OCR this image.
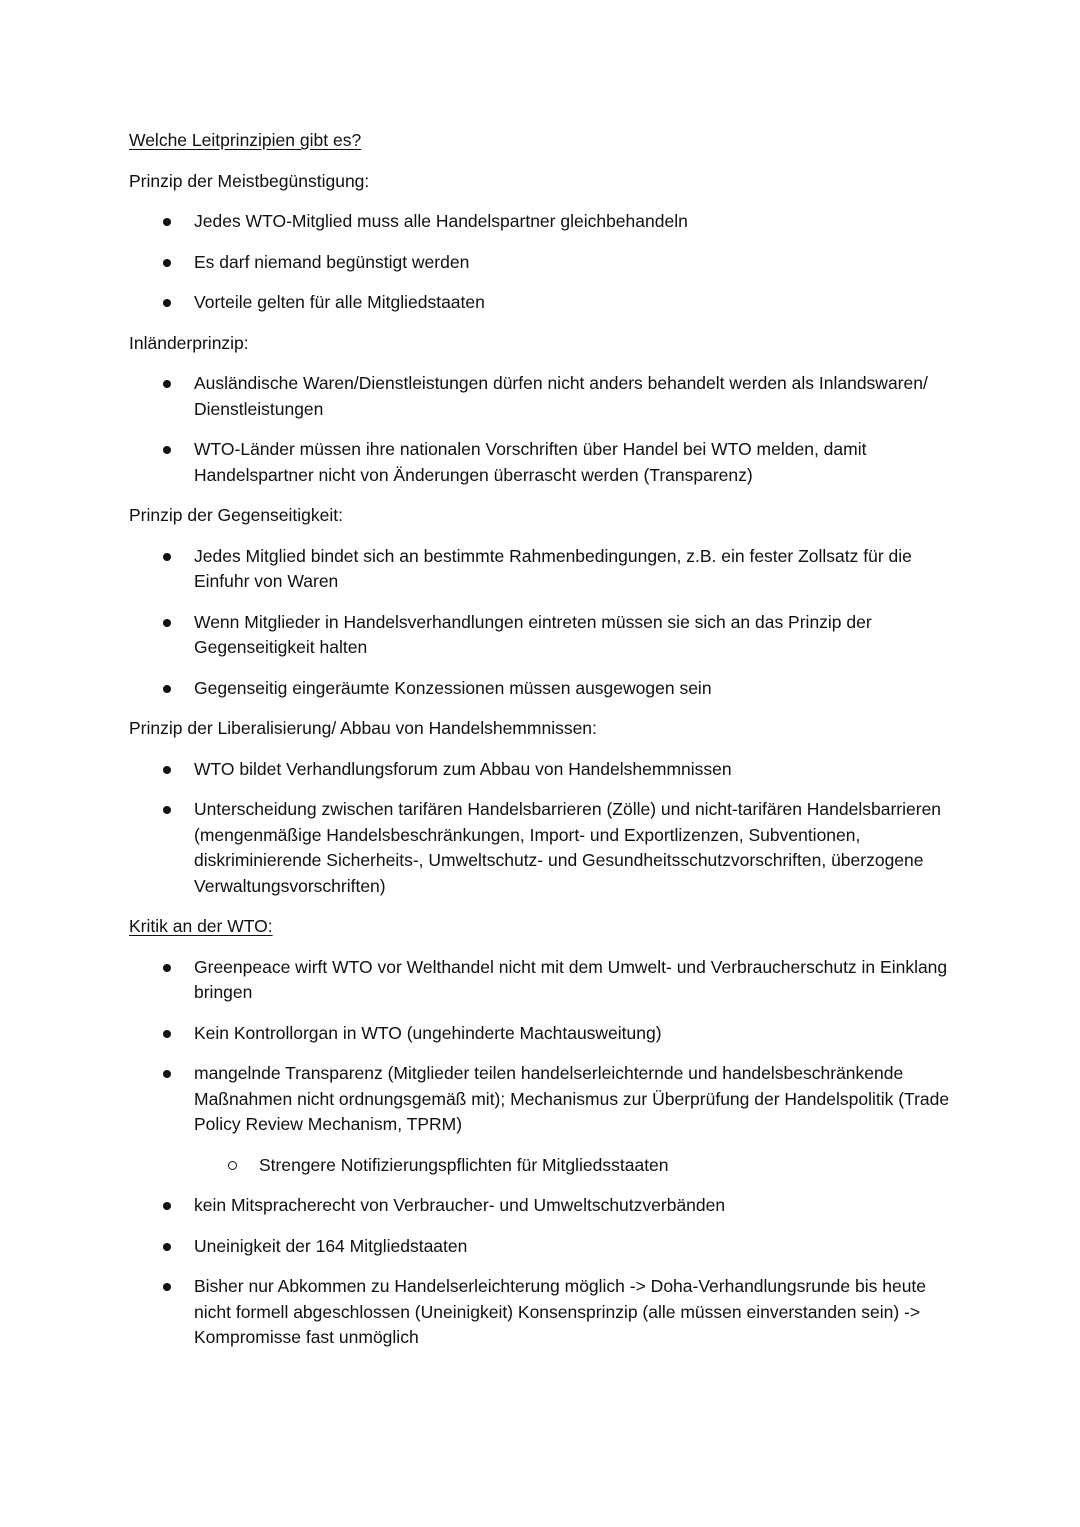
Welche Leitprinzipien gibt es?

Prinzip der Meistbegünstigung:

Jedes WTO-Mitglied muss alle Handelspartner gleichbehandeln
Es darf niemand begünstigt werden
Vorteile gelten für alle Mitgliedstaaten

Inländerprinzip:

Ausländische Waren/Dienstleistungen dürfen nicht anders behandelt werden als Inlandswaren/ Dienstleistungen
WTO-Länder müssen ihre nationalen Vorschriften über Handel bei WTO melden, damit Handelspartner nicht von Änderungen überrascht werden (Transparenz)

Prinzip der Gegenseitigkeit:

Jedes Mitglied bindet sich an bestimmte Rahmenbedingungen, z.B. ein fester Zollsatz für die Einfuhr von Waren
Wenn Mitglieder in Handelsverhandlungen eintreten müssen sie sich an das Prinzip der Gegenseitigkeit halten
Gegenseitig eingeräumte Konzessionen müssen ausgewogen sein

Prinzip der Liberalisierung/ Abbau von Handelshemmnissen:

WTO bildet Verhandlungsforum zum Abbau von Handelshemmnissen
Unterscheidung zwischen tarifären Handelsbarrieren (Zölle) und nicht-tarifären Handelsbarrieren (mengenmäßige Handelsbeschränkungen, Import- und Exportlizenzen, Subventionen, diskriminierende Sicherheits-, Umweltschutz- und Gesundheitsschutzvorschriften, überzogene Verwaltungsvorschriften)

Kritik an der WTO:

Greenpeace wirft WTO vor Welthandel nicht mit dem Umwelt- und Verbraucherschutz in Einklang bringen
Kein Kontrollorgan in WTO (ungehinderte Machtausweitung)
mangelnde Transparenz (Mitglieder teilen handelserleichternde und handelsbeschränkende Maßnahmen nicht ordnungsgemäß mit); Mechanismus zur Überprüfung der Handelspolitik (Trade Policy Review Mechanism, TPRM)
Strengere Notifizierungspflichten für Mitgliedsstaaten
kein Mitspracherecht von Verbraucher- und Umweltschutzverbänden
Uneinigkeit der 164 Mitgliedstaaten
Bisher nur Abkommen zu Handelserleichterung möglich -> Doha-Verhandlungsrunde bis heute nicht formell abgeschlossen (Uneinigkeit) Konsensprinzip (alle müssen einverstanden sein) -> Kompromisse fast unmöglich
